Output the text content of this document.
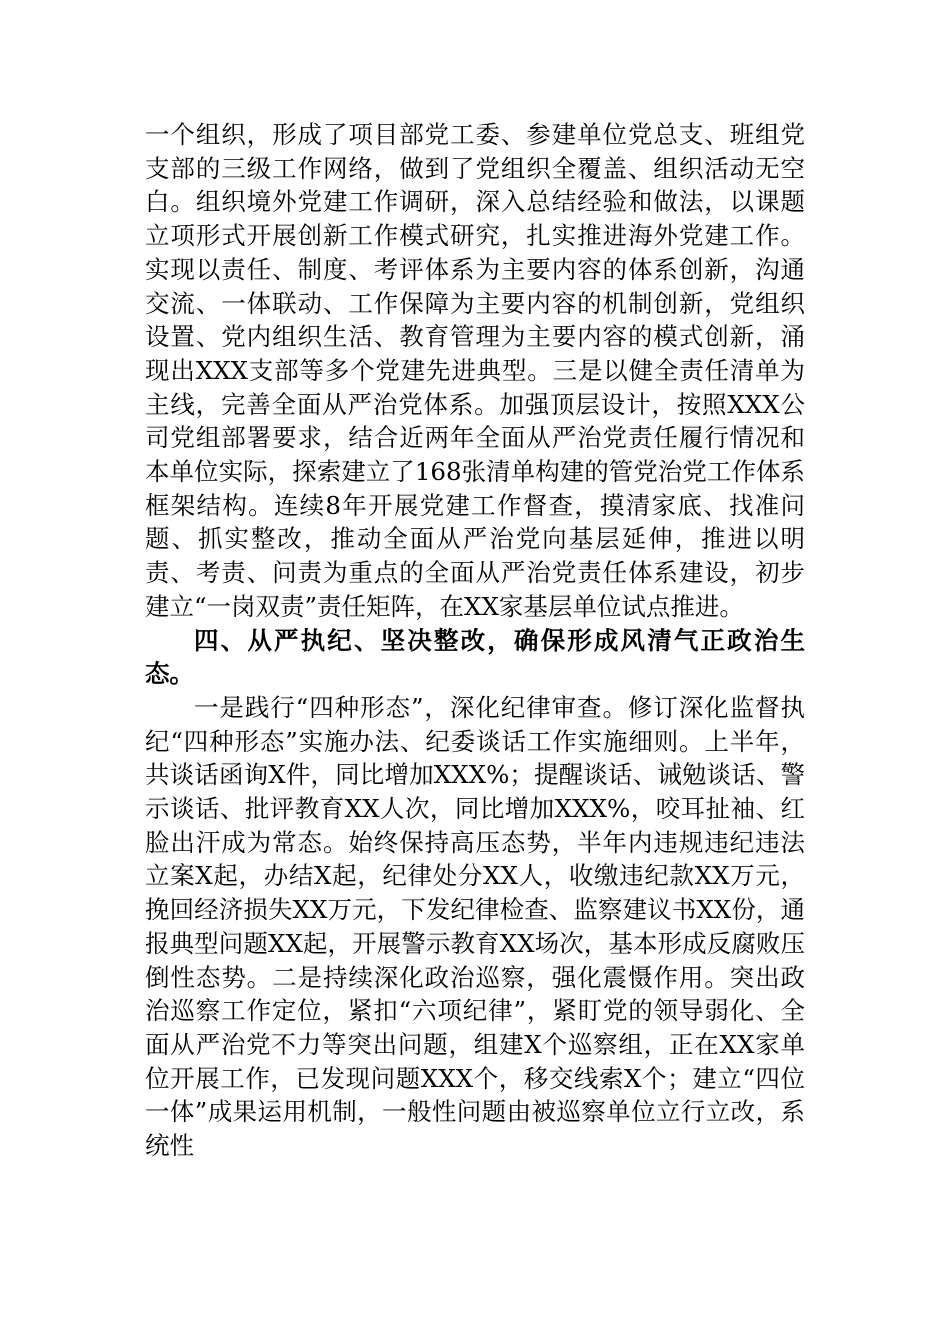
一个组织，形成了项目部党工委、参建单位党总支、班组党支部的三级工作网络，做到了党组织全覆盖、组织活动无空白。组织境外党建工作调研，深入总结经验和做法，以课题立项形式开展创新工作模式研究，扎实推进海外党建工作。实现以责任、制度、考评体系为主要内容的体系创新，沟通交流、一体联动、工作保障为主要内容的机制创新，党组织设置、党内组织生活、教育管理为主要内容的模式创新，涌现出XXX支部等多个党建先进典型。三是以健全责任清单为主线，完善全面从严治党体系。加强顶层设计，按照XXX公司党组部署要求，结合近两年全面从严治党责任履行情况和本单位实际，探索建立了168张清单构建的管党治党工作体系框架结构。连续8年开展党建工作督查，摸清家底、找准问题、抓实整改，推动全面从严治党向基层延伸，推进以明责、考责、问责为重点的全面从严治党责任体系建设，初步建立“一岗双责”责任矩阵，在XX家基层单位试点推进。

四、从严执纪、坚决整改，确保形成风清气正政治生态。

一是践行“四种形态”，深化纪律审查。修订深化监督执纪“四种形态”实施办法、纪委谈话工作实施细则。上半年，共谈话函询X件，同比增加XXX%；提醒谈话、诫勉谈话、警示谈话、批评教育XX人次，同比增加XXX%，咬耳扯袖、红脸出汗成为常态。始终保持高压态势，半年内违规违纪违法立案X起，办结X起，纪律处分XX人，收缴违纪款XX万元，挽回经济损失XX万元，下发纪律检查、监察建议书XX份，通报典型问题XX起，开展警示教育XX场次，基本形成反腐败压倒性态势。二是持续深化政治巡察，强化震慑作用。突出政治巡察工作定位，紧扣“六项纪律”，紧盯党的领导弱化、全面从严治党不力等突出问题，组建X个巡察组，正在XX家单位开展工作，已发现问题XXX个，移交线索X个；建立“四位一体”成果运用机制，一般性问题由被巡察单位立行立改，系统性
